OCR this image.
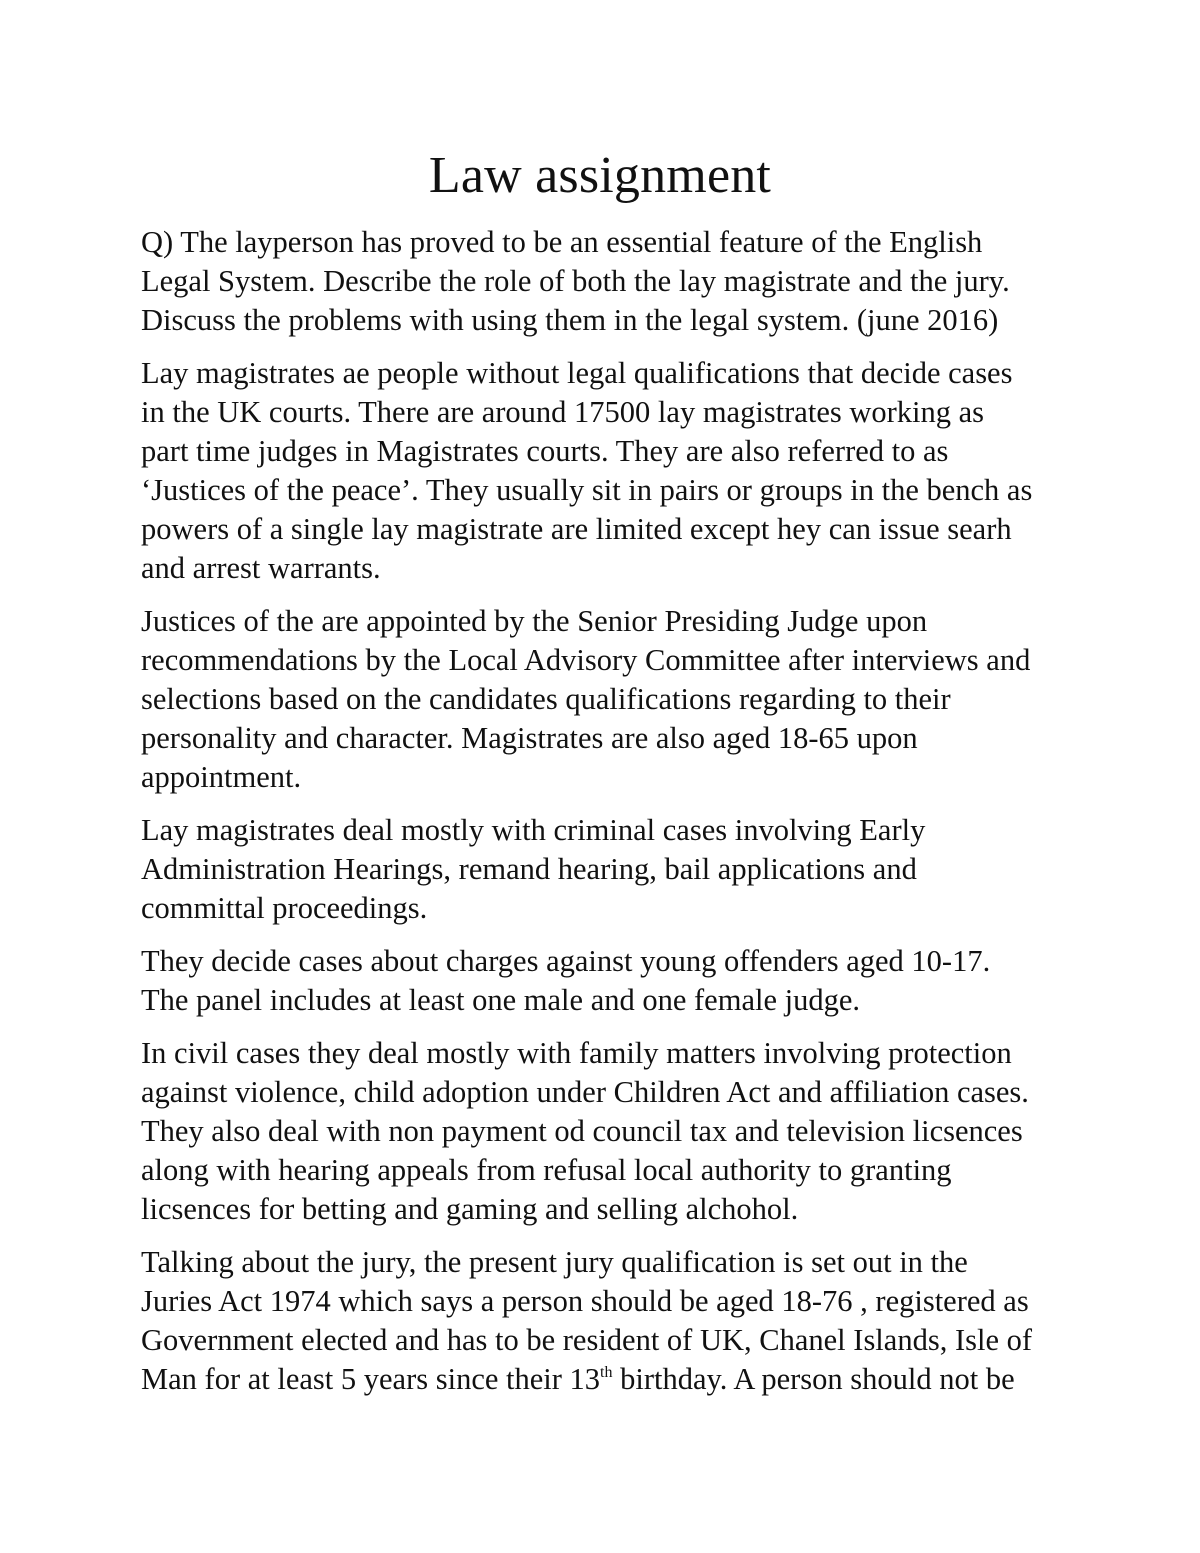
Law assignment

Q) The layperson has proved to be an essential feature of the English
Legal System. Describe the role of both the lay magistrate and the jury.
Discuss the problems with using them in the legal system. (june 2016)

Lay magistrates ae people without legal qualifications that decide cases
in the UK courts. There are around 17500 lay magistrates working as
part time judges in Magistrates courts. They are also referred to as
‘Justices of the peace’. They usually sit in pairs or groups in the bench as
powers of a single lay magistrate are limited except hey can issue searh
and arrest warrants.

Justices of the are appointed by the Senior Presiding Judge upon
recommendations by the Local Advisory Committee after interviews and
selections based on the candidates qualifications regarding to their
personality and character. Magistrates are also aged 18-65 upon
appointment.

Lay magistrates deal mostly with criminal cases involving Early
Administration Hearings, remand hearing, bail applications and
committal proceedings.

They decide cases about charges against young offenders aged 10-17.
The panel includes at least one male and one female judge.

In civil cases they deal mostly with family matters involving protection
against violence, child adoption under Children Act and affiliation cases.
They also deal with non payment od council tax and television licsences
along with hearing appeals from refusal local authority to granting
licsences for betting and gaming and selling alchohol.

Talking about the jury, the present jury qualification is set out in the
Juries Act 1974 which says a person should be aged 18-76 , registered as
Government elected and has to be resident of UK, Chanel Islands, Isle of
Man for at least 5 years since their 13th birthday. A person should not be
